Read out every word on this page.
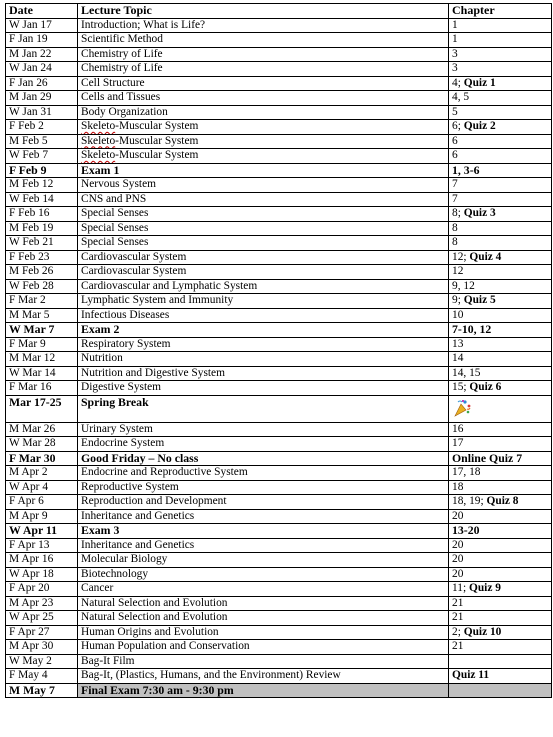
Date	Lecture Topic	Chapter
W Jan 17	Introduction; What is Life?	1
F Jan 19	Scientific Method	1
M Jan 22	Chemistry of Life	3
W Jan 24	Chemistry of Life	3
F Jan 26	Cell Structure	4; Quiz 1
M Jan 29	Cells and Tissues	4, 5
W Jan 31	Body Organization	5
F Feb 2	Skeleto-Muscular System	6; Quiz 2
M Feb 5	Skeleto-Muscular System	6
W Feb 7	Skeleto-Muscular System	6
F Feb 9	Exam 1	1, 3-6
M Feb 12	Nervous System	7
W Feb 14	CNS and PNS	7
F Feb 16	Special Senses	8; Quiz 3
M Feb 19	Special Senses	8
W Feb 21	Special Senses	8
F Feb 23	Cardiovascular System	12; Quiz 4
M Feb 26	Cardiovascular System	12
W Feb 28	Cardiovascular and Lymphatic System	9, 12
F Mar 2	Lymphatic System and Immunity	9; Quiz 5
M Mar 5	Infectious Diseases	10
W Mar 7	Exam 2	7-10, 12
F Mar 9	Respiratory System	13
M Mar 12	Nutrition	14
W Mar 14	Nutrition and Digestive System	14, 15
F Mar 16	Digestive System	15; Quiz 6
Mar 17-25	Spring Break	
M Mar 26	Urinary System	16
W Mar 28	Endocrine System	17
F Mar 30	Good Friday – No class	Online Quiz 7
M Apr 2	Endocrine and Reproductive System	17, 18
W Apr 4	Reproductive System	18
F Apr 6	Reproduction and Development	18, 19; Quiz 8
M Apr 9	Inheritance and Genetics	20
W Apr 11	Exam 3	13-20
F Apr 13	Inheritance and Genetics	20
M Apr 16	Molecular Biology	20
W Apr 18	Biotechnology	20
F Apr 20	Cancer	11; Quiz 9
M Apr 23	Natural Selection and Evolution	21
W Apr 25	Natural Selection and Evolution	21
F Apr 27	Human Origins and Evolution	2; Quiz 10
M Apr 30	Human Population and Conservation	21
W May 2	Bag-It Film	
F May 4	Bag-It, (Plastics, Humans, and the Environment) Review	Quiz 11
M May 7	Final Exam 7:30 am - 9:30 pm	
